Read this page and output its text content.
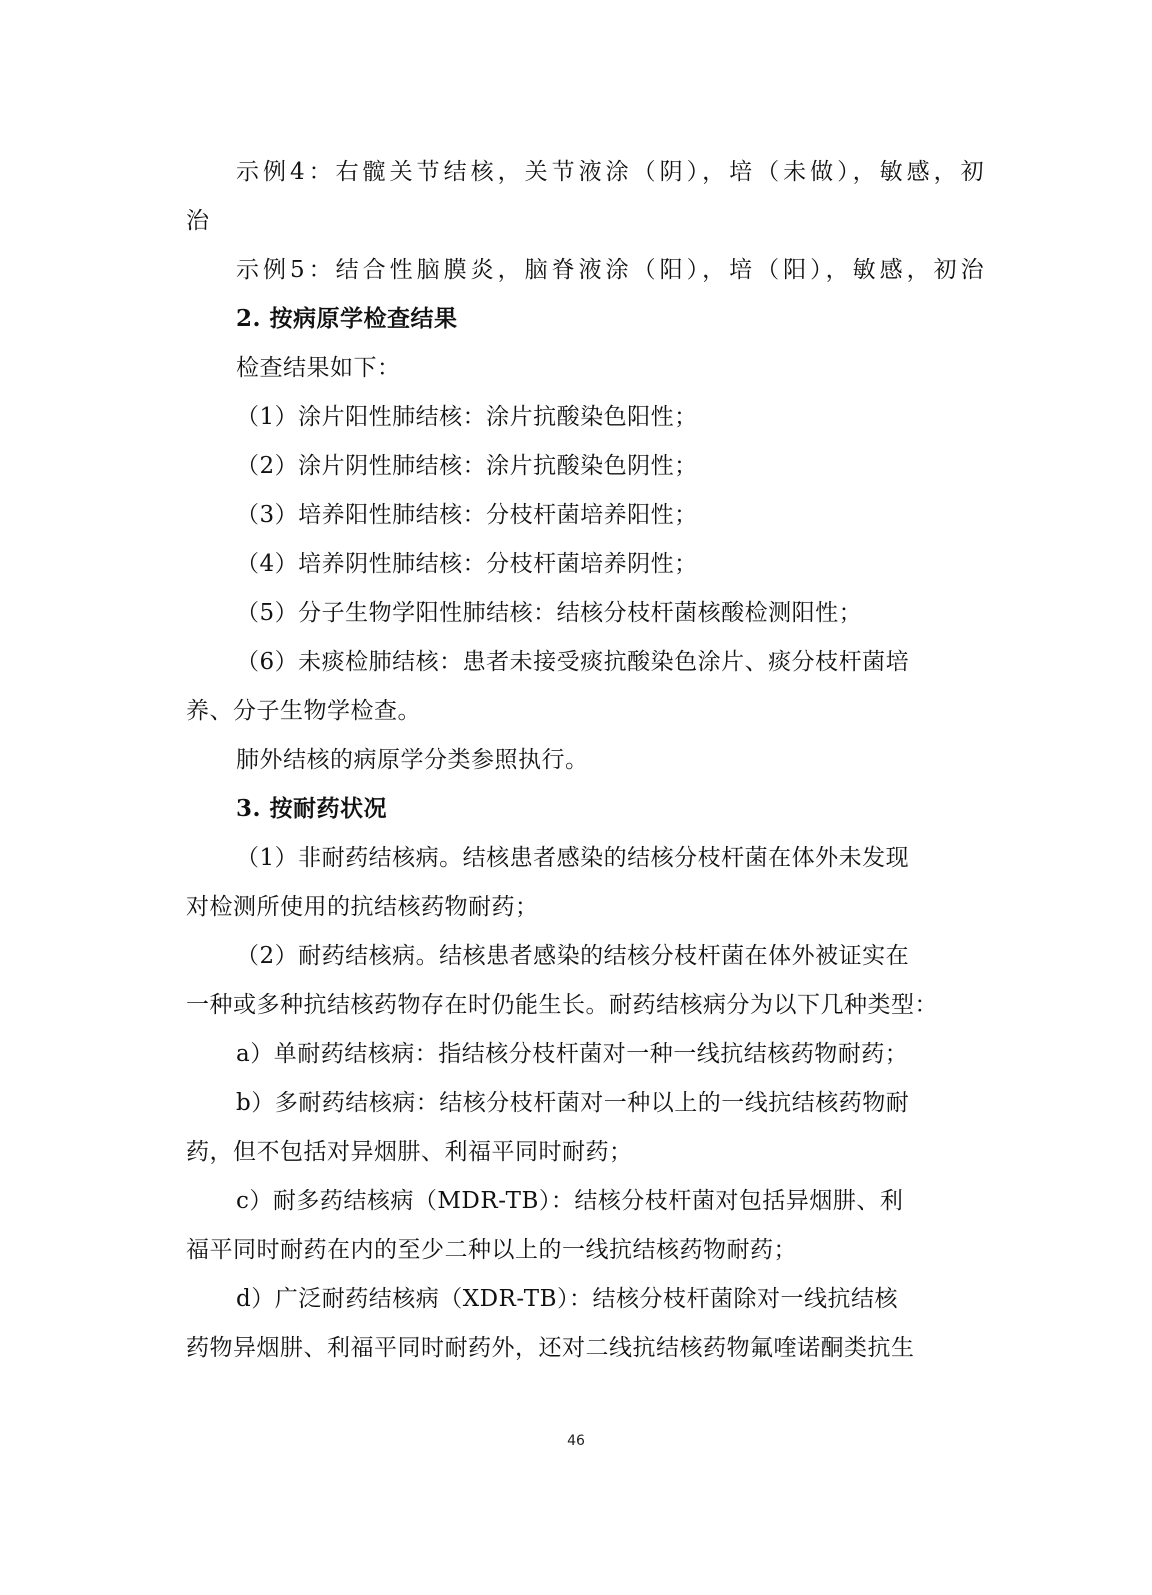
示例4：右髋关节结核，关节液涂（阴），培（未做），敏感，初
治
示例5：结合性脑膜炎，脑脊液涂（阳），培（阳），敏感，初治
2. 按病原学检查结果
检查结果如下：
（1）涂片阳性肺结核：涂片抗酸染色阳性；
（2）涂片阴性肺结核：涂片抗酸染色阴性；
（3）培养阳性肺结核：分枝杆菌培养阳性；
（4）培养阴性肺结核：分枝杆菌培养阴性；
（5）分子生物学阳性肺结核：结核分枝杆菌核酸检测阳性；
（6）未痰检肺结核：患者未接受痰抗酸染色涂片、痰分枝杆菌培
养、分子生物学检查。
肺外结核的病原学分类参照执行。
3. 按耐药状况
（1）非耐药结核病。结核患者感染的结核分枝杆菌在体外未发现
对检测所使用的抗结核药物耐药；
（2）耐药结核病。结核患者感染的结核分枝杆菌在体外被证实在
一种或多种抗结核药物存在时仍能生长。耐药结核病分为以下几种类型：
a）单耐药结核病：指结核分枝杆菌对一种一线抗结核药物耐药；
b）多耐药结核病：结核分枝杆菌对一种以上的一线抗结核药物耐
药，但不包括对异烟肼、利福平同时耐药；
c）耐多药结核病（MDR-TB）：结核分枝杆菌对包括异烟肼、利
福平同时耐药在内的至少二种以上的一线抗结核药物耐药；
d）广泛耐药结核病（XDR-TB）：结核分枝杆菌除对一线抗结核
药物异烟肼、利福平同时耐药外，还对二线抗结核药物氟喹诺酮类抗生
46
